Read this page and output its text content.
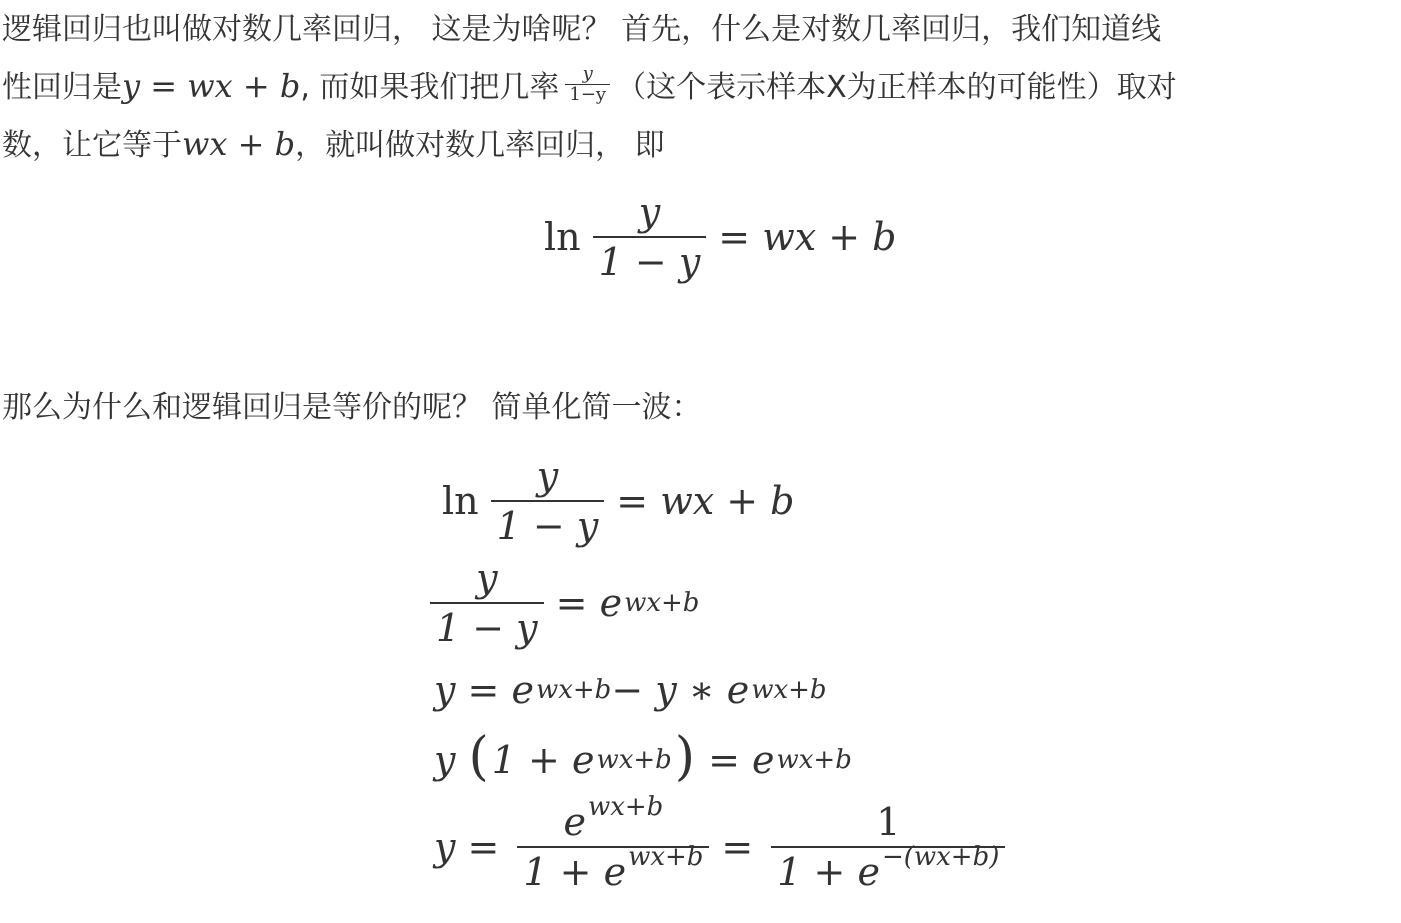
逻辑回归也叫做对数几率回归， 这是为啥呢？ 首先，什么是对数几率回归，我们知道线
性回归是y = wx + b, 而如果我们把几率 $\frac{y}{1-y}$ （这个表示样本X为正样本的可能性）取对
数，让它等于wx + b，就叫做对数几率回归， 即
$\ln \frac{y}{1 - y}$ = wx + b
那么为什么和逻辑回归是等价的呢？ 简单化简一波：
$\ln \frac{y}{1 - y}$ = wx + b
$\frac{y}{1 - y} = e$ wx+b
y = e wx+b − y ∗ e wx+b
y ( 1 + e wx+b ) = e wx+b
$y = \frac{e^{wx+b}}{1 + e^{wx+b}} = \frac{1}{1 + e^{-(wx+b)}}$
